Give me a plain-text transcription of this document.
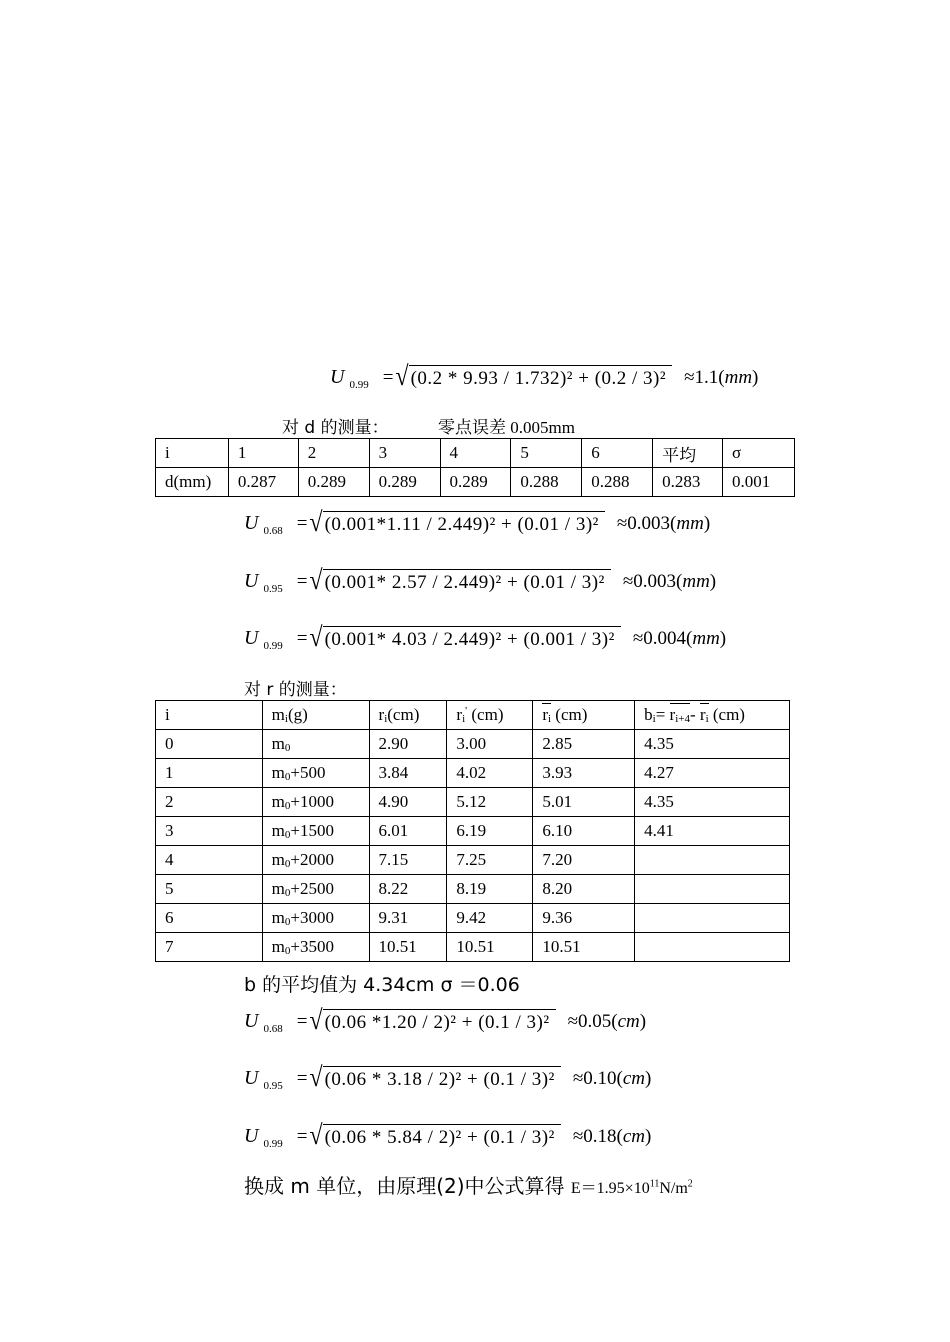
U 0.99 = √ (0.2 * 9.93 / 1.732)² + (0.2 / 3)² ≈1.1( mm )
对 d 的测量：	零点误差 0.005mm
i	1	2	3	4	5	6	平均	σ
d(mm)	0.287	0.289	0.289	0.289	0.288	0.288	0.283	0.001
U 0.68 = √ (0.001*1.11 / 2.449)² + (0.01 / 3)² ≈0.003( mm )
U 0.95 = √ (0.001* 2.57 / 2.449)² + (0.01 / 3)² ≈0.003( mm )
U 0.99 = √ (0.001* 4.03 / 2.449)² + (0.001 / 3)² ≈0.004( mm )
对 r 的测量：
i	$m_i(g)$	$r_i(cm)$	$r_i'$ (cm)	$r_i$ (cm)	$b_i= r_{i+4}-$ $r_i$ (cm)
0	$m_0$	2.90	3.00	2.85	4.35
1	$m_0+500$	3.84	4.02	3.93	4.27
2	$m_0+1000$	4.90	5.12	5.01	4.35
3	$m_0+1500$	6.01	6.19	6.10	4.41
4	$m_0+2000$	7.15	7.25	7.20	
5	$m_0+2500$	8.22	8.19	8.20	
6	$m_0+3000$	9.31	9.42	9.36	
7	$m_0+3500$	10.51	10.51	10.51	
b 的平均值为 4.34cm σ ＝0.06
U 0.68 = √ (0.06 *1.20 / 2)² + (0.1 / 3)² ≈0.05( cm )
U 0.95 = √ (0.06 * 3.18 / 2)² + (0.1 / 3)² ≈0.10( cm )
U 0.99 = √ (0.06 * 5.84 / 2)² + (0.1 / 3)² ≈0.18( cm )
换成 m 单位，由原理(2)中公式算得 $E=1.95\times 10^{11}N/m^2$
